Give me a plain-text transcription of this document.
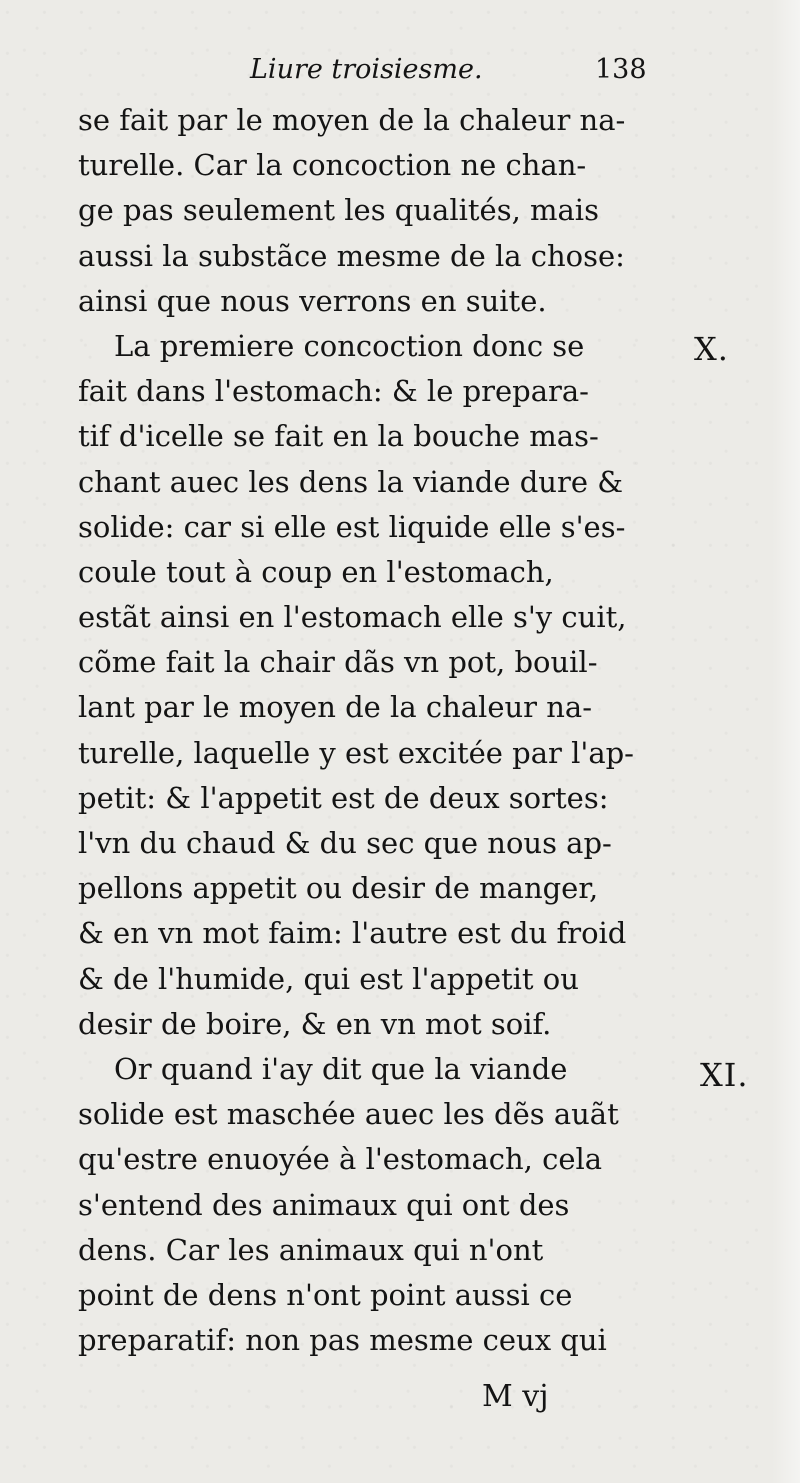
Liure troisiesme.	138
se fait par le moyen de la chaleur na-
turelle. Car la concoction ne chan-
ge pas seulement les qualités, mais
aussi la substãce mesme de la chose:
ainsi que nous verrons en suite.
La premiere concoction donc se
fait dans l'estomach: & le prepara-
tif d'icelle se fait en la bouche mas-
chant auec les dens la viande dure &
solide: car si elle est liquide elle s'es-
coule tout à coup en l'estomach,
estãt ainsi en l'estomach elle s'y cuit,
cõme fait la chair dãs vn pot, bouil-
lant par le moyen de la chaleur na-
turelle, laquelle y est excitée par l'ap-
petit: & l'appetit est de deux sortes:
l'vn du chaud & du sec que nous ap-
pellons appetit ou desir de manger,
& en vn mot faim: l'autre est du froid
& de l'humide, qui est l'appetit ou
desir de boire, & en vn mot soif.
Or quand i'ay dit que la viande
solide est maschée auec les dẽs auãt
qu'estre enuoyée à l'estomach, cela
s'entend des animaux qui ont des
dens. Car les animaux qui n'ont
point de dens n'ont point aussi ce
preparatif: non pas mesme ceux qui
X.
XI.
M vj
